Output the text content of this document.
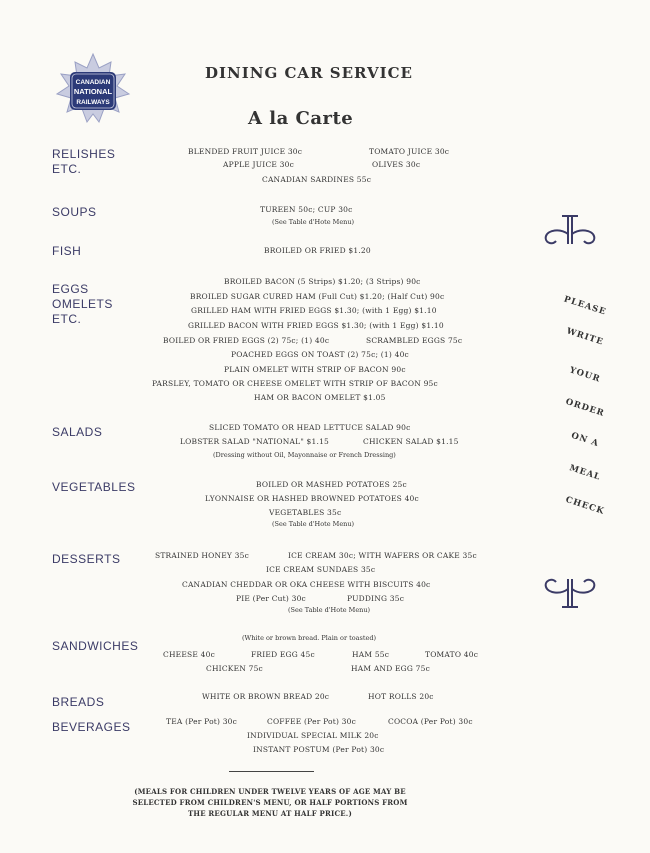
CANADIAN
NATIONAL
RAILWAYS
DINING CAR SERVICE
A la Carte
RELISHES
ETC.
BLENDED FRUIT JUICE 30c	TOMATO JUICE 30c
APPLE JUICE 30c	OLIVES 30c
CANADIAN SARDINES 55c
SOUPS	TUREEN 50c; CUP 30c
(See Table d'Hote Menu)
FISH	BROILED OR FRIED $1.20
EGGS
OMELETS
ETC.
BROILED BACON (5 Strips) $1.20; (3 Strips) 90c
BROILED SUGAR CURED HAM (Full Cut) $1.20; (Half Cut) 90c
GRILLED HAM WITH FRIED EGGS $1.30; (with 1 Egg) $1.10
GRILLED BACON WITH FRIED EGGS $1.30; (with 1 Egg) $1.10
BOILED OR FRIED EGGS (2) 75c; (1) 40c	SCRAMBLED EGGS 75c
POACHED EGGS ON TOAST (2) 75c; (1) 40c
PLAIN OMELET WITH STRIP OF BACON 90c
PARSLEY, TOMATO OR CHEESE OMELET WITH STRIP OF BACON 95c
HAM OR BACON OMELET $1.05
SALADS	SLICED TOMATO OR HEAD LETTUCE SALAD 90c
LOBSTER SALAD "NATIONAL" $1.15	CHICKEN SALAD $1.15
(Dressing without Oil, Mayonnaise or French Dressing)
VEGETABLES	BOILED OR MASHED POTATOES 25c
LYONNAISE OR HASHED BROWNED POTATOES 40c
VEGETABLES 35c
(See Table d'Hote Menu)
DESSERTS	STRAINED HONEY 35c	ICE CREAM 30c; WITH WAFERS OR CAKE 35c
ICE CREAM SUNDAES 35c
CANADIAN CHEDDAR OR OKA CHEESE WITH BISCUITS 40c
PIE (Per Cut) 30c	PUDDING 35c
(See Table d'Hote Menu)
SANDWICHES
(White or brown bread. Plain or toasted)
CHEESE 40c	FRIED EGG 45c	HAM 55c	TOMATO 40c
CHICKEN 75c	HAM AND EGG 75c
BREADS	WHITE OR BROWN BREAD 20c	HOT ROLLS 20c
BEVERAGES	TEA (Per Pot) 30c	COFFEE (Per Pot) 30c	COCOA (Per Pot) 30c
INDIVIDUAL SPECIAL MILK 20c
INSTANT POSTUM (Per Pot) 30c
PLEASE
WRITE
YOUR
ORDER
ON A
MEAL
CHECK
(MEALS FOR CHILDREN UNDER TWELVE YEARS OF AGE MAY BE
SELECTED FROM CHILDREN'S MENU, OR HALF PORTIONS FROM
THE REGULAR MENU AT HALF PRICE.)
